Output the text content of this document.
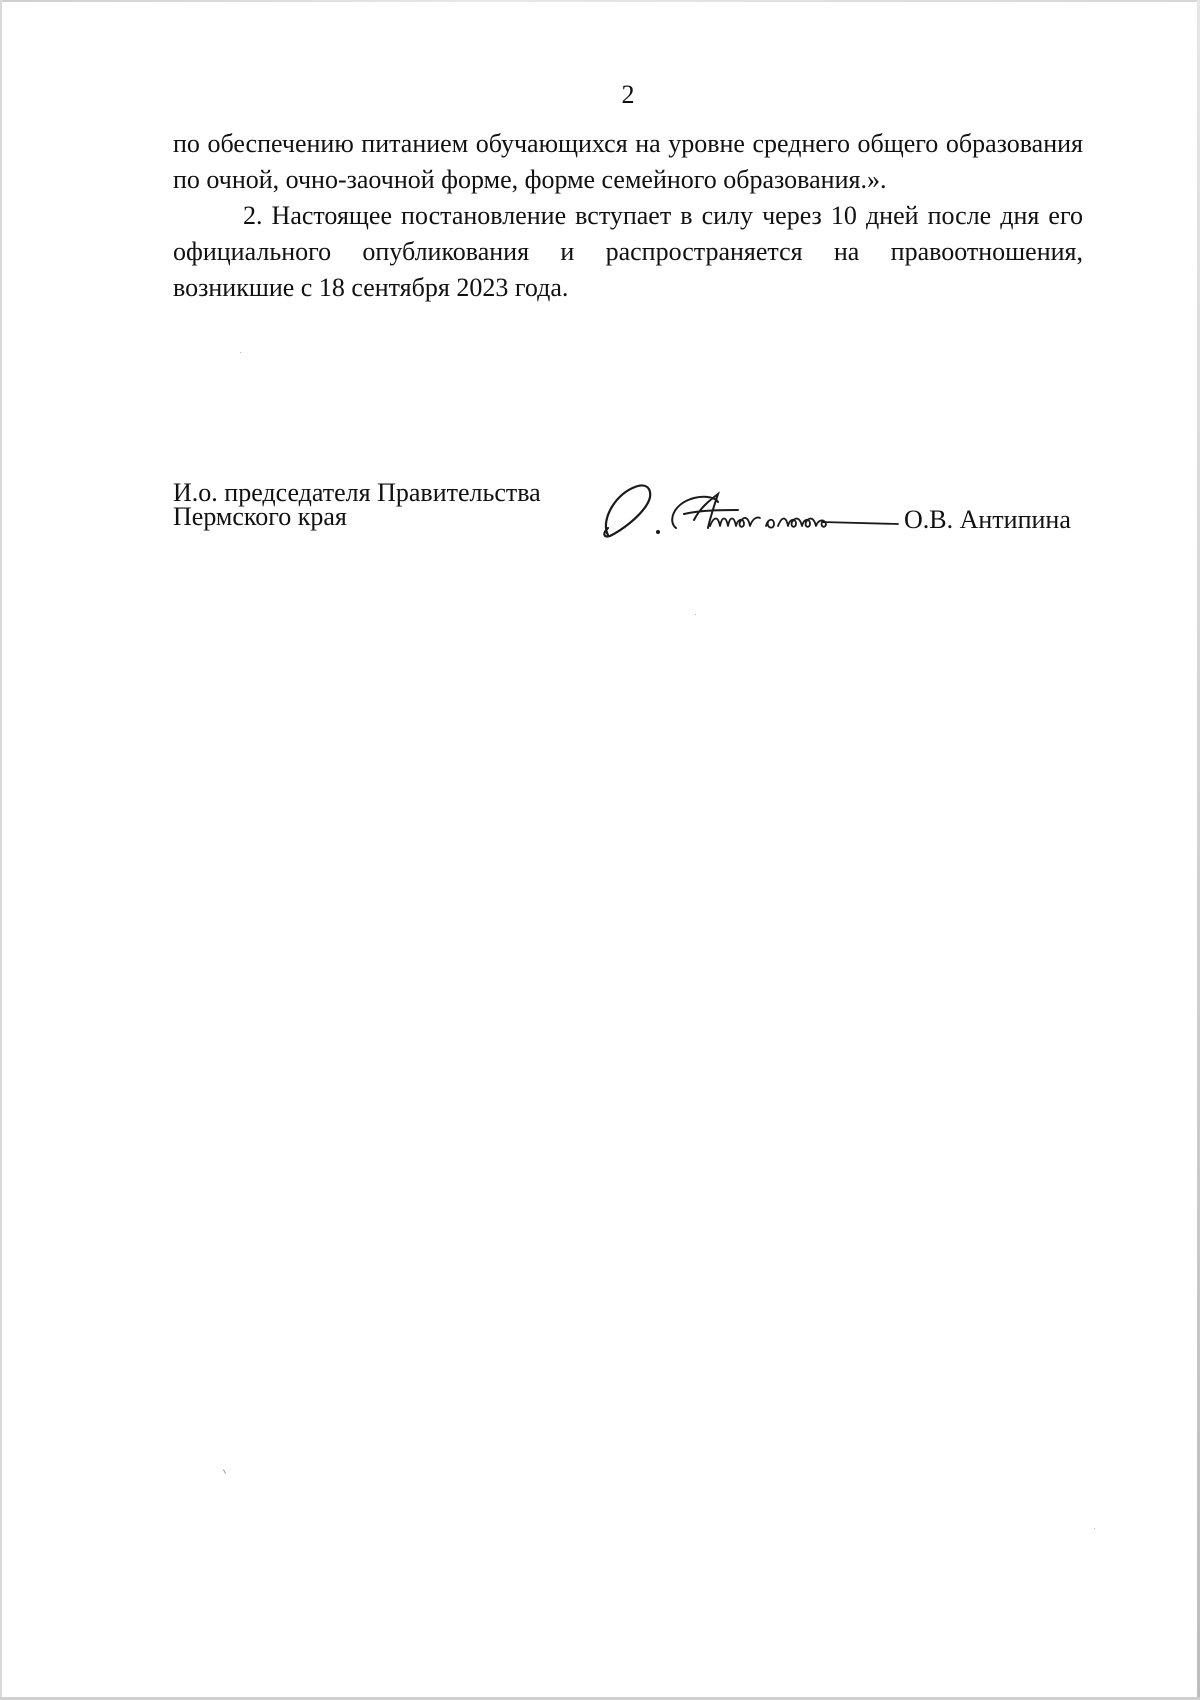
2

по обеспечению питанием обучающихся на уровне среднего общего образования по очной, очно-заочной форме, форме семейного образования.».

2. Настоящее постановление вступает в силу через 10 дней после дня его официального опубликования и распространяется на правоотношения, возникшие с 18 сентября 2023 года.

И.о. председателя Правительства
Пермского края	О.В. Антипина
